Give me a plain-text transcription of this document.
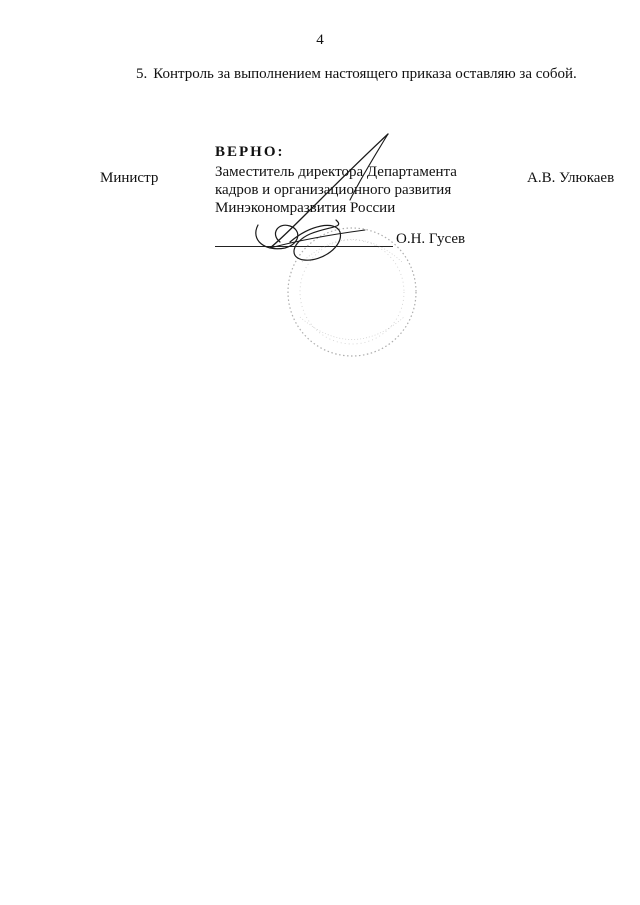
4
5. Контроль за выполнением настоящего приказа оставляю за собой.
Министр	А.В. Улюкаев
ВЕРНО:
Заместитель директора Департамента
кадров и организационного развития
Минэкономразвития России
О.Н. Гусев
